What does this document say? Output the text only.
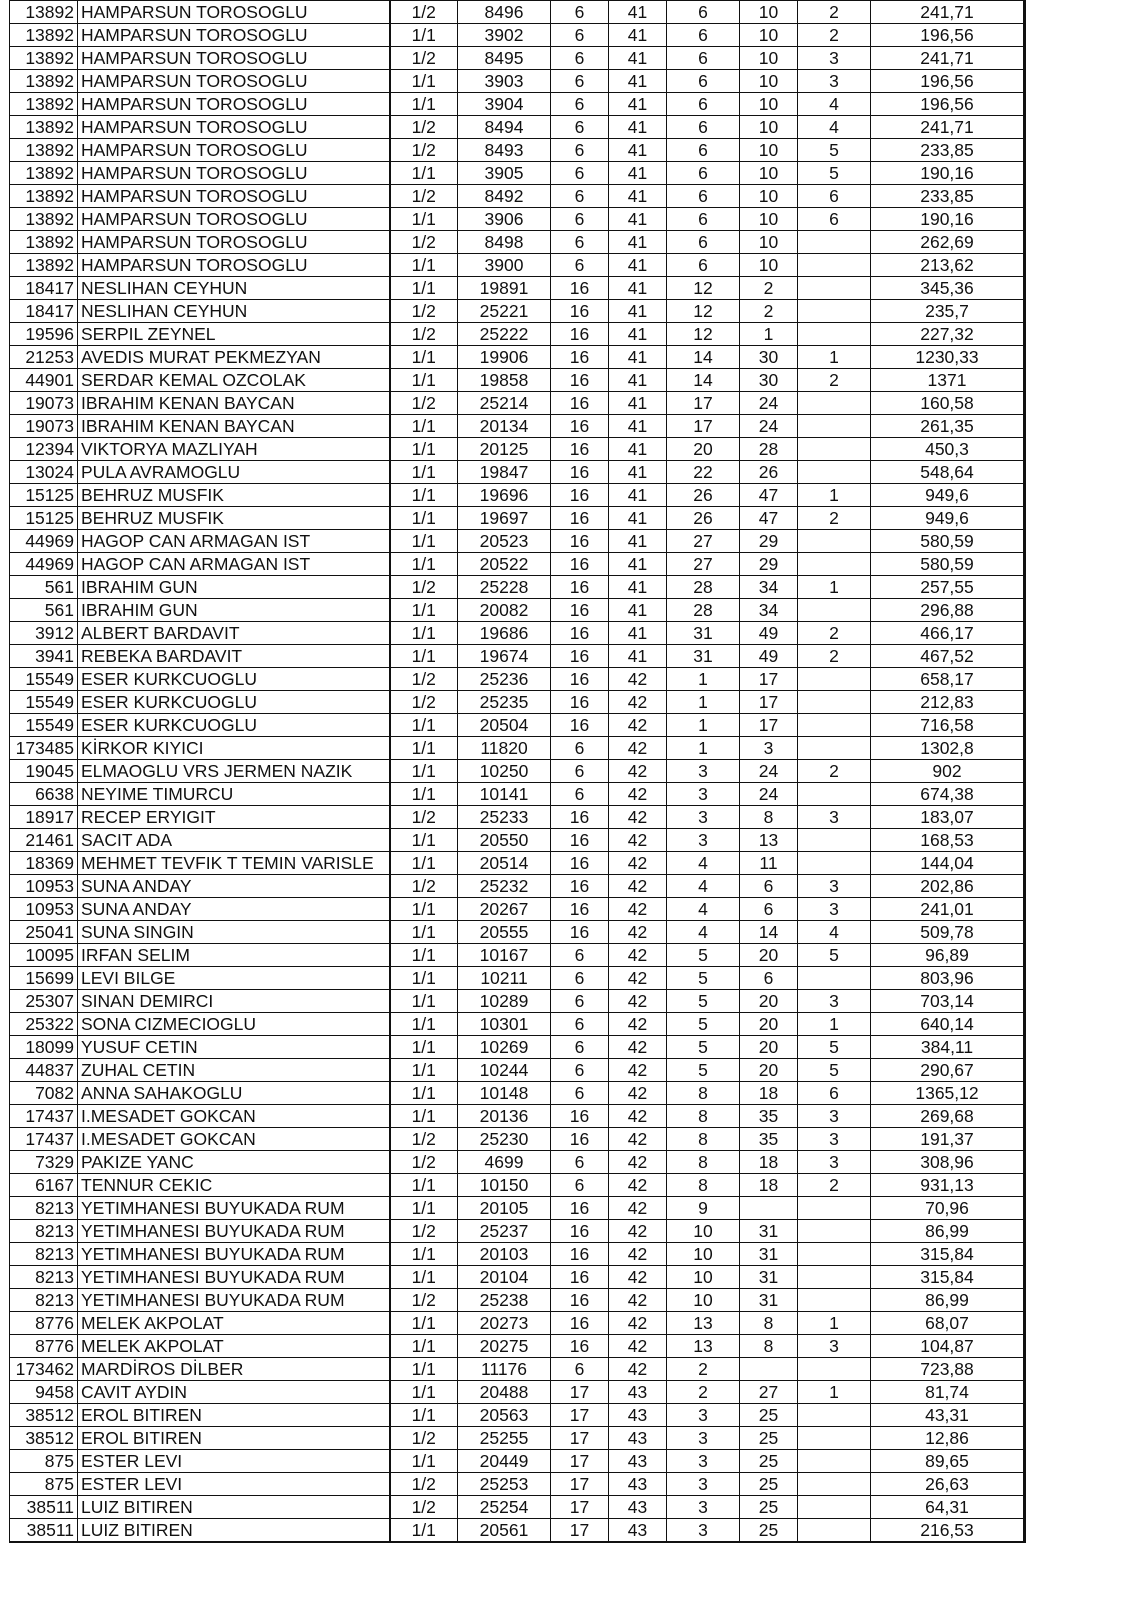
13892	HAMPARSUN TOROSOGLU	1/2	8496	6	41	6	10	2	241,71
13892	HAMPARSUN TOROSOGLU	1/1	3902	6	41	6	10	2	196,56
13892	HAMPARSUN TOROSOGLU	1/2	8495	6	41	6	10	3	241,71
13892	HAMPARSUN TOROSOGLU	1/1	3903	6	41	6	10	3	196,56
13892	HAMPARSUN TOROSOGLU	1/1	3904	6	41	6	10	4	196,56
13892	HAMPARSUN TOROSOGLU	1/2	8494	6	41	6	10	4	241,71
13892	HAMPARSUN TOROSOGLU	1/2	8493	6	41	6	10	5	233,85
13892	HAMPARSUN TOROSOGLU	1/1	3905	6	41	6	10	5	190,16
13892	HAMPARSUN TOROSOGLU	1/2	8492	6	41	6	10	6	233,85
13892	HAMPARSUN TOROSOGLU	1/1	3906	6	41	6	10	6	190,16
13892	HAMPARSUN TOROSOGLU	1/2	8498	6	41	6	10		262,69
13892	HAMPARSUN TOROSOGLU	1/1	3900	6	41	6	10		213,62
18417	NESLIHAN CEYHUN	1/1	19891	16	41	12	2		345,36
18417	NESLIHAN CEYHUN	1/2	25221	16	41	12	2		235,7
19596	SERPIL ZEYNEL	1/2	25222	16	41	12	1		227,32
21253	AVEDIS MURAT PEKMEZYAN	1/1	19906	16	41	14	30	1	1230,33
44901	SERDAR KEMAL OZCOLAK	1/1	19858	16	41	14	30	2	1371
19073	IBRAHIM KENAN BAYCAN	1/2	25214	16	41	17	24		160,58
19073	IBRAHIM KENAN BAYCAN	1/1	20134	16	41	17	24		261,35
12394	VIKTORYA MAZLIYAH	1/1	20125	16	41	20	28		450,3
13024	PULA AVRAMOGLU	1/1	19847	16	41	22	26		548,64
15125	BEHRUZ MUSFIK	1/1	19696	16	41	26	47	1	949,6
15125	BEHRUZ MUSFIK	1/1	19697	16	41	26	47	2	949,6
44969	HAGOP CAN ARMAGAN IST	1/1	20523	16	41	27	29		580,59
44969	HAGOP CAN ARMAGAN IST	1/1	20522	16	41	27	29		580,59
561	IBRAHIM GUN	1/2	25228	16	41	28	34	1	257,55
561	IBRAHIM GUN	1/1	20082	16	41	28	34		296,88
3912	ALBERT BARDAVIT	1/1	19686	16	41	31	49	2	466,17
3941	REBEKA BARDAVIT	1/1	19674	16	41	31	49	2	467,52
15549	ESER KURKCUOGLU	1/2	25236	16	42	1	17		658,17
15549	ESER KURKCUOGLU	1/2	25235	16	42	1	17		212,83
15549	ESER KURKCUOGLU	1/1	20504	16	42	1	17		716,58
173485	KİRKOR KIYICI	1/1	11820	6	42	1	3		1302,8
19045	ELMAOGLU VRS JERMEN NAZIK	1/1	10250	6	42	3	24	2	902
6638	NEYIME TIMURCU	1/1	10141	6	42	3	24		674,38
18917	RECEP ERYIGIT	1/2	25233	16	42	3	8	3	183,07
21461	SACIT ADA	1/1	20550	16	42	3	13		168,53
18369	MEHMET TEVFIK T TEMIN VARISLE	1/1	20514	16	42	4	11		144,04
10953	SUNA ANDAY	1/2	25232	16	42	4	6	3	202,86
10953	SUNA ANDAY	1/1	20267	16	42	4	6	3	241,01
25041	SUNA SINGIN	1/1	20555	16	42	4	14	4	509,78
10095	IRFAN SELIM	1/1	10167	6	42	5	20	5	96,89
15699	LEVI BILGE	1/1	10211	6	42	5	6		803,96
25307	SINAN DEMIRCI	1/1	10289	6	42	5	20	3	703,14
25322	SONA CIZMECIOGLU	1/1	10301	6	42	5	20	1	640,14
18099	YUSUF CETIN	1/1	10269	6	42	5	20	5	384,11
44837	ZUHAL CETIN	1/1	10244	6	42	5	20	5	290,67
7082	ANNA SAHAKOGLU	1/1	10148	6	42	8	18	6	1365,12
17437	I.MESADET GOKCAN	1/1	20136	16	42	8	35	3	269,68
17437	I.MESADET GOKCAN	1/2	25230	16	42	8	35	3	191,37
7329	PAKIZE YANC	1/2	4699	6	42	8	18	3	308,96
6167	TENNUR CEKIC	1/1	10150	6	42	8	18	2	931,13
8213	YETIMHANESI BUYUKADA RUM	1/1	20105	16	42	9			70,96
8213	YETIMHANESI BUYUKADA RUM	1/2	25237	16	42	10	31		86,99
8213	YETIMHANESI BUYUKADA RUM	1/1	20103	16	42	10	31		315,84
8213	YETIMHANESI BUYUKADA RUM	1/1	20104	16	42	10	31		315,84
8213	YETIMHANESI BUYUKADA RUM	1/2	25238	16	42	10	31		86,99
8776	MELEK AKPOLAT	1/1	20273	16	42	13	8	1	68,07
8776	MELEK AKPOLAT	1/1	20275	16	42	13	8	3	104,87
173462	MARDİROS DİLBER	1/1	11176	6	42	2			723,88
9458	CAVIT AYDIN	1/1	20488	17	43	2	27	1	81,74
38512	EROL BITIREN	1/1	20563	17	43	3	25		43,31
38512	EROL BITIREN	1/2	25255	17	43	3	25		12,86
875	ESTER LEVI	1/1	20449	17	43	3	25		89,65
875	ESTER LEVI	1/2	25253	17	43	3	25		26,63
38511	LUIZ BITIREN	1/2	25254	17	43	3	25		64,31
38511	LUIZ BITIREN	1/1	20561	17	43	3	25		216,53
